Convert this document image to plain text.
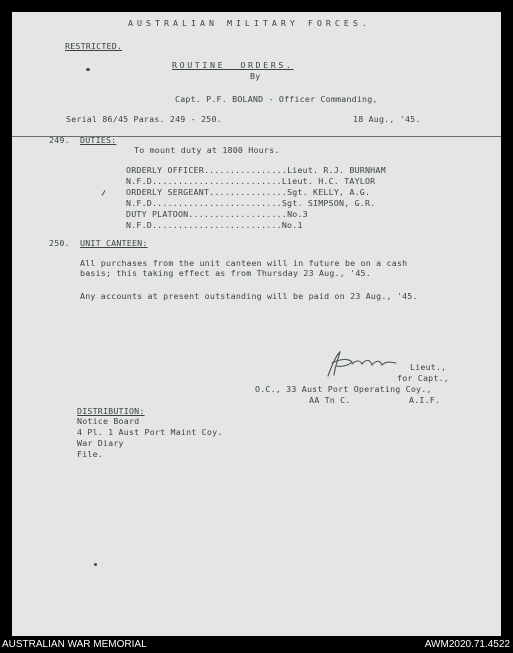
AUSTRALIAN MILITARY FORCES.
RESTRICTED.
ROUTINE  ORDERS.
By
Capt. P.F. BOLAND - Officer Commanding,
Serial 86/45 Paras. 249 - 250.	18 Aug., '45.
249. DUTIES:
To mount duty at 1800 Hours.
ORDERLY OFFICER................Lieut. R.J. BURNHAM
N.F.D.........................Lieut. H.C. TAYLOR
ORDERLY SERGEANT...............Sgt. KELLY, A.G.
N.F.D.........................Sgt. SIMPSON, G.R.
DUTY PLATOON...................No.3
N.F.D.........................No.1
250. UNIT CANTEEN:
All purchases from the unit canteen will in future be on a cash
basis; this taking effect as from Thursday 23 Aug., '45.
Any accounts at present outstanding will be paid on 23 Aug., '45.
Lieut.,
for Capt.,
O.C., 33 Aust Port Operating Coy.,
AA Tn C.	A.I.F.
DISTRIBUTION:
Notice Board
4 Pl. 1 Aust Port Maint Coy.
War Diary
File.
AUSTRALIAN WAR MEMORIAL	AWM2020.71.4522
